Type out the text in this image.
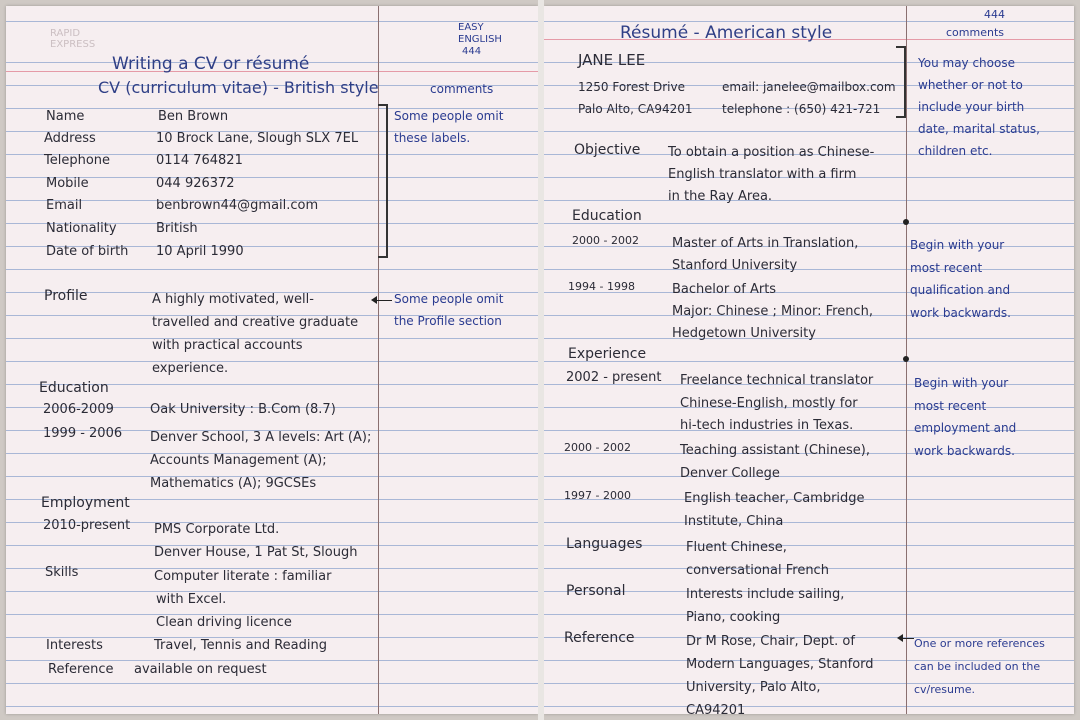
RAPID
EXPRESS
EASY
ENGLISH
444
Writing a CV or résumé
CV (curriculum vitae) - British style	comments
Name	Ben Brown
Address	10 Brock Lane, Slough SLX 7EL
Telephone	0114 764821
Mobile	044 926372
Email	benbrown44@gmail.com
Nationality	British
Date of birth 10 April 1990
Some people omit
these labels.
Profile	A highly motivated, well-
travelled and creative graduate
with practical accounts
experience.
Some people omit
the Profile section
Education
2006-2009	Oak University : B.Com (8.7)
1999 - 2006 Denver School, 3 A levels: Art (A);
Accounts Management (A);
Mathematics (A); 9GCSEs
Employment
2010-present PMS Corporate Ltd.
Denver House, 1 Pat St, Slough
Skills	Computer literate : familiar
with Excel.
Clean driving licence
Interests	Travel, Tennis and Reading
Reference available on request
444
Résumé - American style	comments
JANE LEE
1250 Forest Drive
Palo Alto, CA94201
email: janelee@mailbox.com
telephone : (650) 421-721
You may choose
whether or not to
include your birth
date, marital status,
children etc.
Objective To obtain a position as Chinese-
English translator with a firm
in the Ray Area.
Education
2000 - 2002	Master of Arts in Translation,
Stanford University
1994 - 1998	Bachelor of Arts
Major: Chinese ; Minor: French,
Hedgetown University
Begin with your
most recent
qualification and
work backwards.
Experience
2002 - present Freelance technical translator
Chinese-English, mostly for
hi-tech industries in Texas.
2000 - 2002	Teaching assistant (Chinese),
Denver College
1997 - 2000	English teacher, Cambridge
Institute, China
Begin with your
most recent
employment and
work backwards.
Languages	Fluent Chinese,
conversational French
Personal	Interests include sailing,
Piano, cooking
Reference	Dr M Rose, Chair, Dept. of
Modern Languages, Stanford
University, Palo Alto,
CA94201
One or more references
can be included on the
cv/resume.
